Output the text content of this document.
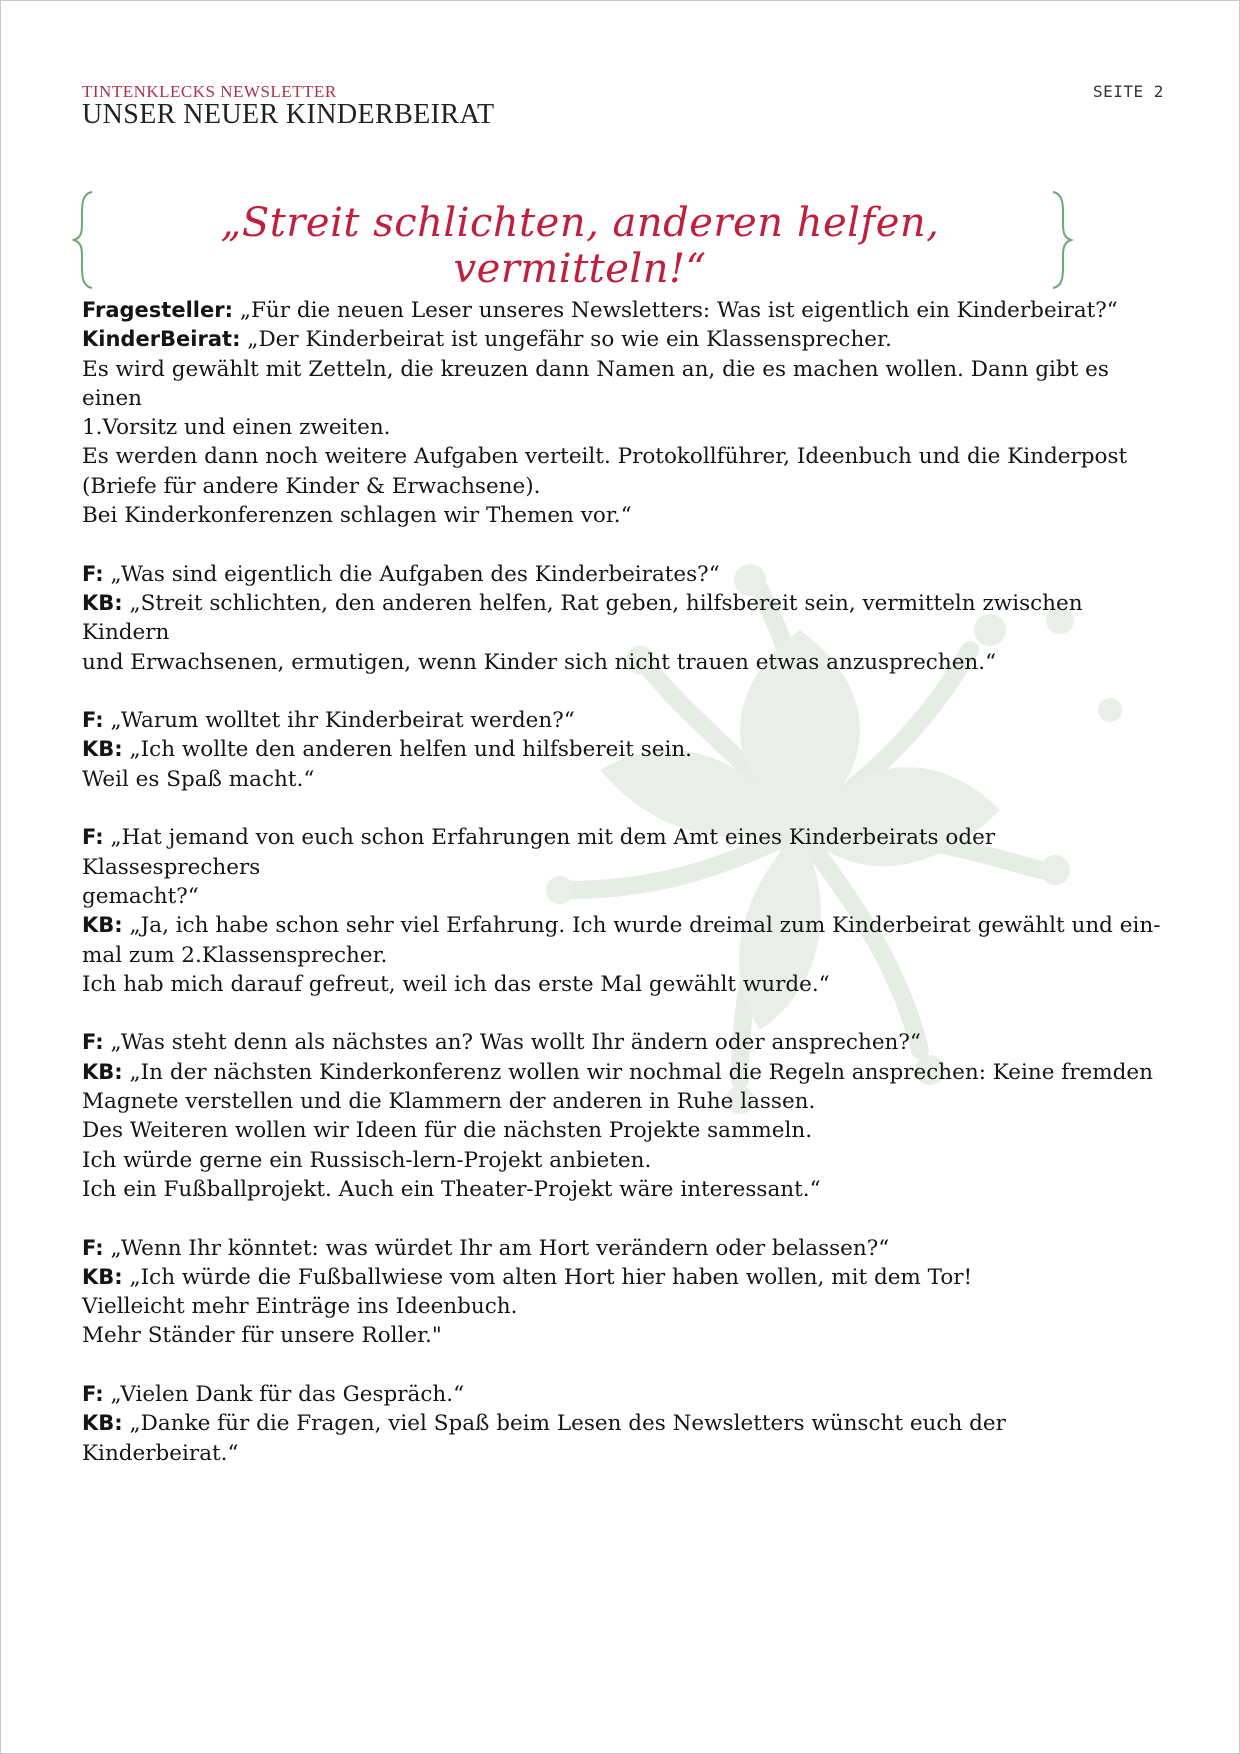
TINTENKLECKS NEWSLETTER
UNSER NEUER KINDERBEIRAT
SEITE 2
„Streit schlichten, anderen helfen, vermitteln!“
Fragesteller: „Für die neuen Leser unseres Newsletters: Was ist eigentlich ein Kinderbeirat?“
KinderBeirat: „Der Kinderbeirat ist ungefähr so wie ein Klassensprecher.
Es wird gewählt mit Zetteln, die kreuzen dann Namen an, die es machen wollen. Dann gibt es einen
1.Vorsitz und einen zweiten.
Es werden dann noch weitere Aufgaben verteilt. Protokollführer, Ideenbuch und die Kinderpost
(Briefe für andere Kinder & Erwachsene).
Bei Kinderkonferenzen schlagen wir Themen vor.“
F: „Was sind eigentlich die Aufgaben des Kinderbeirates?“
KB: „Streit schlichten, den anderen helfen, Rat geben, hilfsbereit sein, vermitteln zwischen Kindern
und Erwachsenen, ermutigen, wenn Kinder sich nicht trauen etwas anzusprechen.“
F: „Warum wolltet ihr Kinderbeirat werden?“
KB: „Ich wollte den anderen helfen und hilfsbereit sein.
Weil es Spaß macht.“
F: „Hat jemand von euch schon Erfahrungen mit dem Amt eines Kinderbeirats oder Klassesprechers
gemacht?“
KB: „Ja, ich habe schon sehr viel Erfahrung. Ich wurde dreimal zum Kinderbeirat gewählt und ein-
mal zum 2.Klassensprecher.
Ich hab mich darauf gefreut, weil ich das erste Mal gewählt wurde.“
F: „Was steht denn als nächstes an? Was wollt Ihr ändern oder ansprechen?“
KB: „In der nächsten Kinderkonferenz wollen wir nochmal die Regeln ansprechen: Keine fremden
Magnete verstellen und die Klammern der anderen in Ruhe lassen.
Des Weiteren wollen wir Ideen für die nächsten Projekte sammeln.
Ich würde gerne ein Russisch-lern-Projekt anbieten.
Ich ein Fußballprojekt. Auch ein Theater-Projekt wäre interessant.“
F: „Wenn Ihr könntet: was würdet Ihr am Hort verändern oder belassen?“
KB: „Ich würde die Fußballwiese vom alten Hort hier haben wollen, mit dem Tor!
Vielleicht mehr Einträge ins Ideenbuch.
Mehr Ständer für unsere Roller."
F: „Vielen Dank für das Gespräch.“
KB: „Danke für die Fragen, viel Spaß beim Lesen des Newsletters wünscht euch der Kinderbeirat.“
